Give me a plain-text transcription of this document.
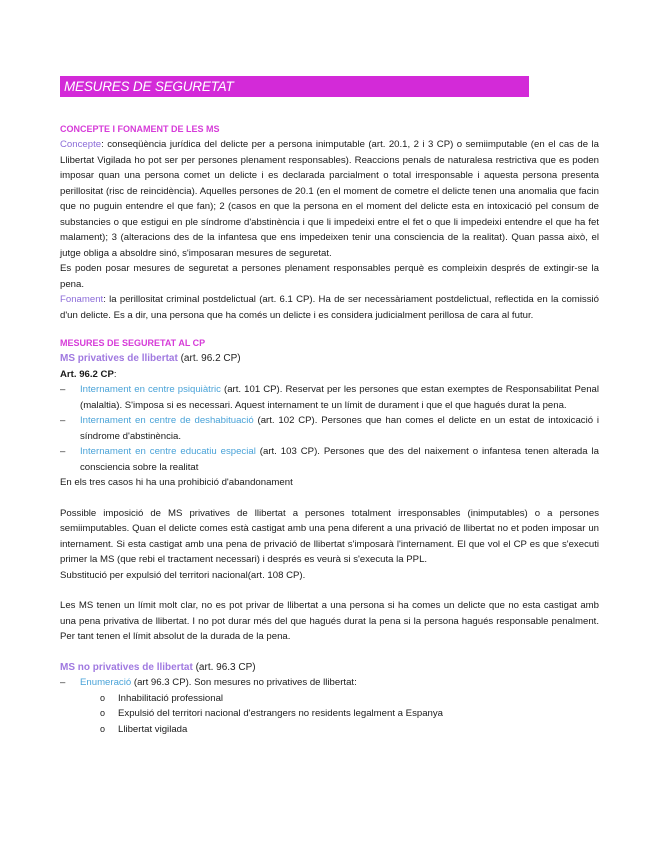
MESURES DE SEGURETAT
CONCEPTE I FONAMENT DE LES MS

Concepte: conseqüència jurídica del delicte per a persona inimputable (art. 20.1, 2 i 3 CP) o semiimputable (en el cas de la Llibertat Vigilada ho pot ser per persones plenament responsables). Reaccions penals de naturalesa restrictiva que es poden imposar quan una persona comet un delicte i es declarada parcialment o total irresponsable i aquesta persona presenta perillositat (risc de reincidència). Aquelles persones de 20.1 (en el moment de cometre el delicte tenen una anomalia que facin que no puguin entendre el que fan); 2 (casos en que la persona en el moment del delicte esta en intoxicació pel consum de substancies o que estigui en ple síndrome d'abstinència i que li impedeixi entre el fet o que li impedeixi entendre el que ha fet malament); 3 (alteracions des de la infantesa que ens impedeixen tenir una consciencia de la realitat). Quan passa això, el jutge obliga a absoldre sinó, s'imposaran mesures de seguretat.

Es poden posar mesures de seguretat a persones plenament responsables perquè es compleixin després de extingir-se la pena.

Fonament: la perillositat criminal postdelictual (art. 6.1 CP). Ha de ser necessàriament postdelictual, reflectida en la comissió d'un delicte. Es a dir, una persona que ha comés un delicte i es considera judicialment perillosa de cara al futur.

MESURES DE SEGURETAT AL CP
MS privatives de llibertat (art. 96.2 CP)

Art. 96.2 CP:

– Internament en centre psiquiàtric (art. 101 CP). Reservat per les persones que estan exemptes de Responsabilitat Penal (malaltia). S'imposa si es necessari. Aquest internament te un límit de durament i que el que hagués durat la pena.
– Internament en centre de deshabituació (art. 102 CP). Persones que han comes el delicte en un estat de intoxicació i síndrome d'abstinència.
– Internament en centre educatiu especial (art. 103 CP). Persones que des del naixement o infantesa tenen alterada la consciencia sobre la realitat

En els tres casos hi ha una prohibició d'abandonament

Possible imposició de MS privatives de llibertat a persones totalment irresponsables (inimputables) o a persones semiimputables. Quan el delicte comes està castigat amb una pena diferent a una privació de llibertat no et poden imposar un internament. Si esta castigat amb una pena de privació de llibertat s'imposarà l'internament. El que vol el CP es que s'executi primer la MS (que rebi el tractament necessari) i després es veurà si s'executa la PPL.

Substitució per expulsió del territori nacional(art. 108 CP).

Les MS tenen un límit molt clar, no es pot privar de llibertat a una persona si ha comes un delicte que no esta castigat amb una pena privativa de llibertat. I no pot durar més del que hagués durat la pena si la persona hagués responsable penalment. Per tant tenen el límit absolut de la durada de la pena.

MS no privatives de llibertat (art. 96.3 CP)
– Enumeració (art 96.3 CP). Son mesures no privatives de llibertat:
o Inhabilitació professional
o Expulsió del territori nacional d'estrangers no residents legalment a Espanya
o Llibertat vigilada
